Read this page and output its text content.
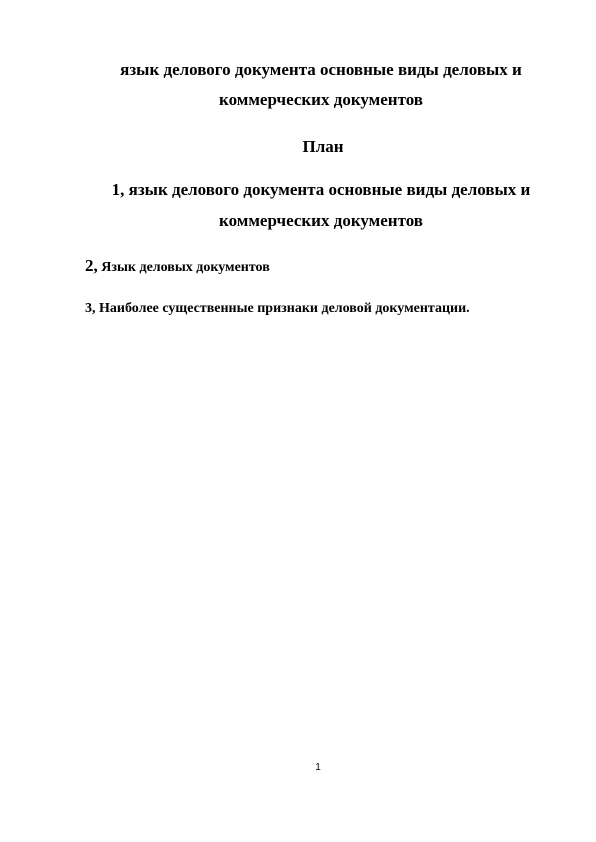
язык делового документа основные виды деловых и
коммерческих документов
План
1, язык делового документа основные виды деловых и
коммерческих документов
2, Язык деловых документов
3, Наиболее существенные признаки деловой документации.
1
